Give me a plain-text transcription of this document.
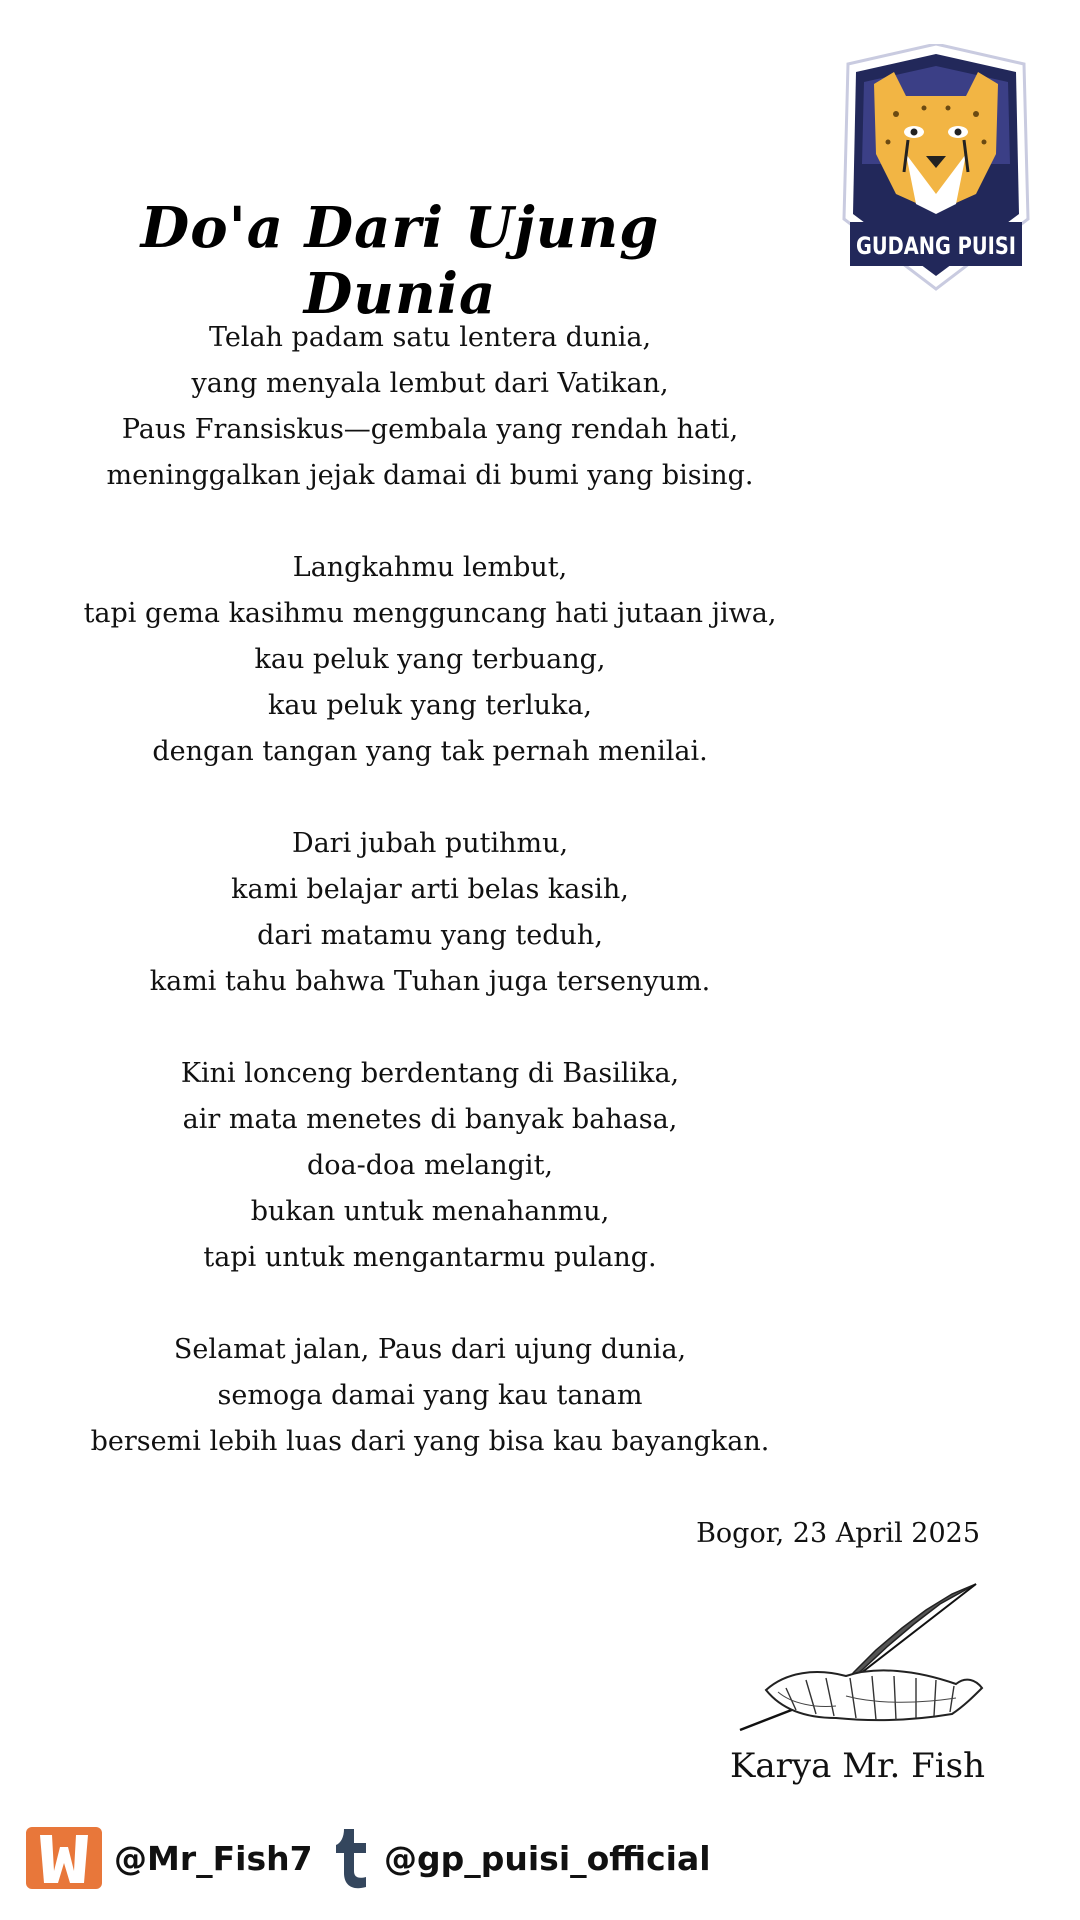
Do'a Dari Ujung Dunia
GUDANG PUISI
Telah padam satu lentera dunia,
yang menyala lembut dari Vatikan,
Paus Fransiskus—gembala yang rendah hati,
meninggalkan jejak damai di bumi yang bising.
Langkahmu lembut,
tapi gema kasihmu mengguncang hati jutaan jiwa,
kau peluk yang terbuang,
kau peluk yang terluka,
dengan tangan yang tak pernah menilai.
Dari jubah putihmu,
kami belajar arti belas kasih,
dari matamu yang teduh,
kami tahu bahwa Tuhan juga tersenyum.
Kini lonceng berdentang di Basilika,
air mata menetes di banyak bahasa,
doa-doa melangit,
bukan untuk menahanmu,
tapi untuk mengantarmu pulang.
Selamat jalan, Paus dari ujung dunia,
semoga damai yang kau tanam
bersemi lebih luas dari yang bisa kau bayangkan.
Bogor, 23 April 2025
Karya Mr. Fish
@Mr_Fish7 @gp_puisi_official
